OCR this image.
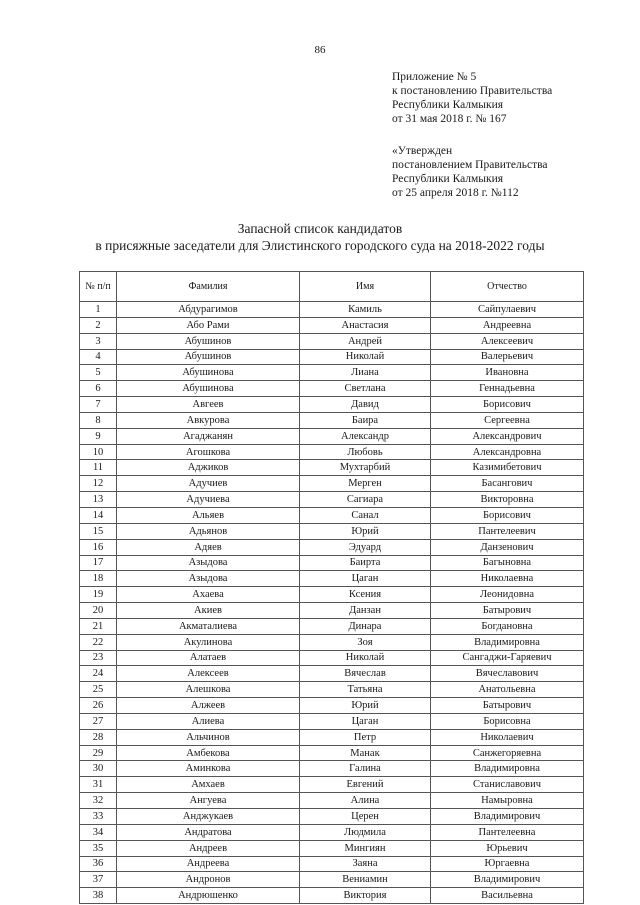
86
Приложение № 5
к постановлению Правительства
Республики Калмыкия
от 31 мая 2018 г. № 167
«Утвержден
постановлением Правительства
Республики Калмыкия
от 25 апреля 2018 г. №112
Запасной список кандидатов
в присяжные заседатели для Элистинского городского суда на 2018-2022 годы
№ п/п	Фамилия	Имя	Отчество
1	Абдурагимов	Камиль	Сайпулаевич
2	Або Рами	Анастасия	Андреевна
3	Абушинов	Андрей	Алексеевич
4	Абушинов	Николай	Валерьевич
5	Абушинова	Лиана	Ивановна
6	Абушинова	Светлана	Геннадьевна
7	Авгеев	Давид	Борисович
8	Авкурова	Баира	Сергеевна
9	Агаджанян	Александр	Александрович
10	Агошкова	Любовь	Александровна
11	Аджиков	Мухтарбий	Казимибетович
12	Адучиев	Мерген	Басангович
13	Адучиева	Сагиара	Викторовна
14	Альяев	Санал	Борисович
15	Адьянов	Юрий	Пантелеевич
16	Адяев	Эдуард	Данзенович
17	Азыдова	Баирта	Багыновна
18	Азыдова	Цаган	Николаевна
19	Ахаева	Ксения	Леонидовна
20	Акиев	Данзан	Батырович
21	Акматалиева	Динара	Богдановна
22	Акулинова	Зоя	Владимировна
23	Алатаев	Николай	Сангаджи-Гаряевич
24	Алексеев	Вячеслав	Вячеславович
25	Алешкова	Татьяна	Анатольевна
26	Алжеев	Юрий	Батырович
27	Алиева	Цаган	Борисовна
28	Альчинов	Петр	Николаевич
29	Амбекова	Манак	Санжегоряевна
30	Аминкова	Галина	Владимировна
31	Амхаев	Евгений	Станиславович
32	Ангуева	Алина	Намыровна
33	Анджукаев	Церен	Владимирович
34	Андратова	Людмила	Пантелеевна
35	Андреев	Мингиян	Юрьевич
36	Андреева	Заяна	Юргаевна
37	Андронов	Вениамин	Владимирович
38	Андрюшенко	Виктория	Васильевна
